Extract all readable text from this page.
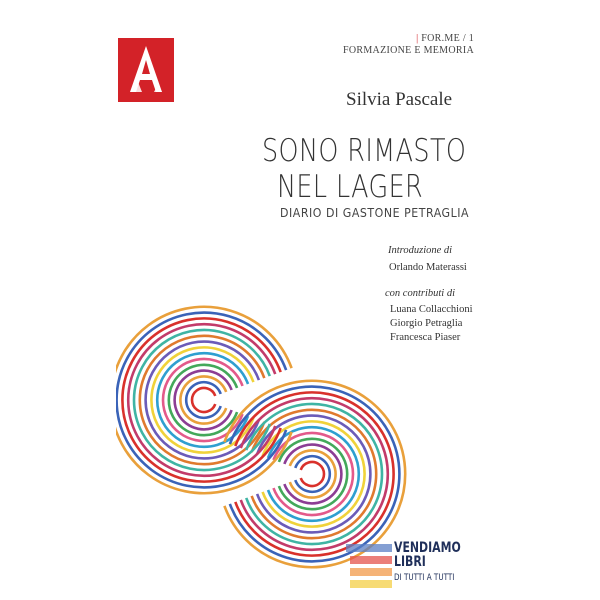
| FOR.ME / 1
FORMAZIONE E MEMORIA
Silvia Pascale
SONO RIMASTO
NEL LAGER
DIARIO DI GASTONE PETRAGLIA
Introduzione di
Orlando Materassi
con contributi di
Luana Collacchioni
Giorgio Petraglia
Francesca Piaser
VENDIAMO
LIBRI
DI TUTTI A TUTTI
